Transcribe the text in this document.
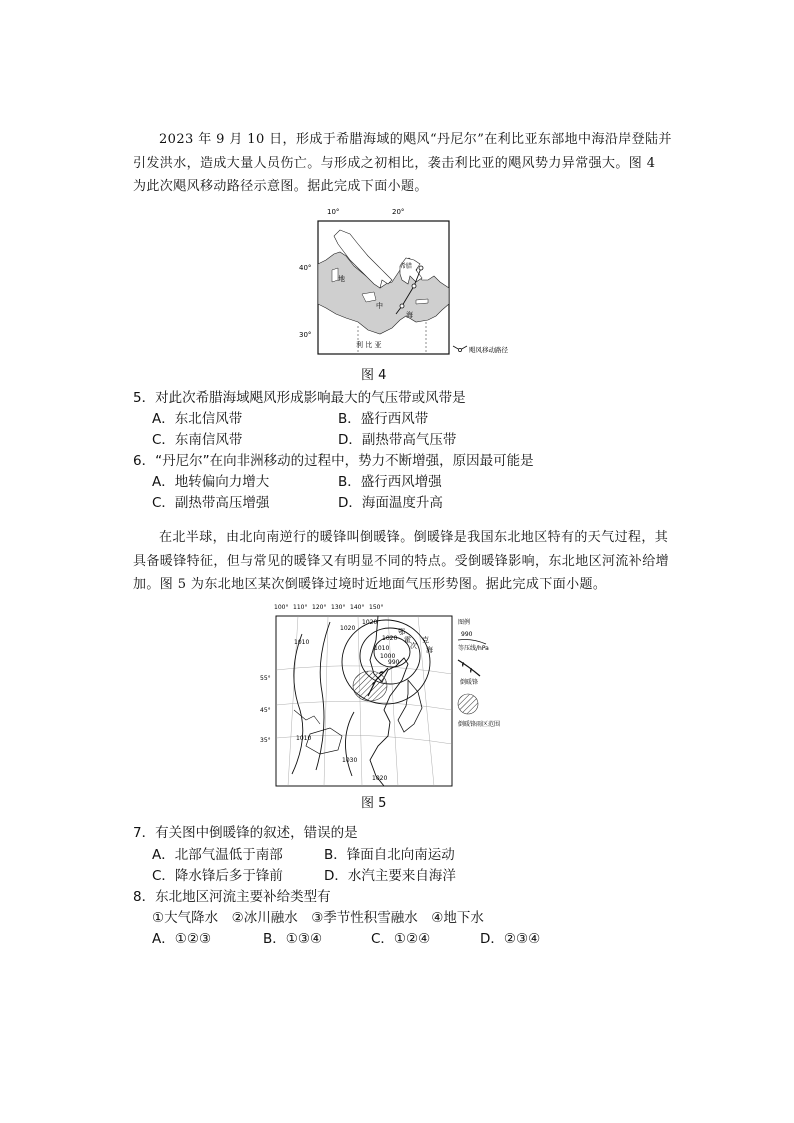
2023 年 9 月 10 日，形成于希腊海域的飓风“丹尼尔”在利比亚东部地中海沿岸登陆并引发洪水，造成大量人员伤亡。与形成之初相比，袭击利比亚的飓风势力异常强大。图 4 为此次飓风移动路径示意图。据此完成下面小题。

10°	20°
40°
30°
地
希腊
中
海
利 比 亚
飓风移动路径

图 4

5．对此次希腊海域飓风形成影响最大的气压带或风带是

A．东北信风带	B．盛行西风带

C．东南信风带	D．副热带高气压带

6．“丹尼尔”在向非洲移动的过程中，势力不断增强，原因最可能是

A．地转偏向力增大	B．盛行西风增强

C．副热带高压增强	D．海面温度升高

在北半球，由北向南逆行的暖锋叫倒暖锋。倒暖锋是我国东北地区特有的天气过程，其具备暖锋特征，但与常见的暖锋又有明显不同的特点。受倒暖锋影响，东北地区河流补给增加。图 5 为东北地区某次倒暖锋过境时近地面气压形势图。据此完成下面小题。

100° 110° 120° 130° 140° 150°
55°
45°
35°
1010
1020
1020
1020
1010
1000
990
1010
1030
1020
鄂
霍
次
克
海
图例
990
等压线/hPa
倒暖锋
倒暖锋雨区范围

图 5

7．有关图中倒暖锋的叙述，错误的是

A．北部气温低于南部	B．锋面自北向南运动

C．降水锋后多于锋前	D．水汽主要来自海洋

8．东北地区河流主要补给类型有

①大气降水　②冰川融水　③季节性积雪融水　④地下水

A．①②③	B．①③④	C．①②④	D．②③④
